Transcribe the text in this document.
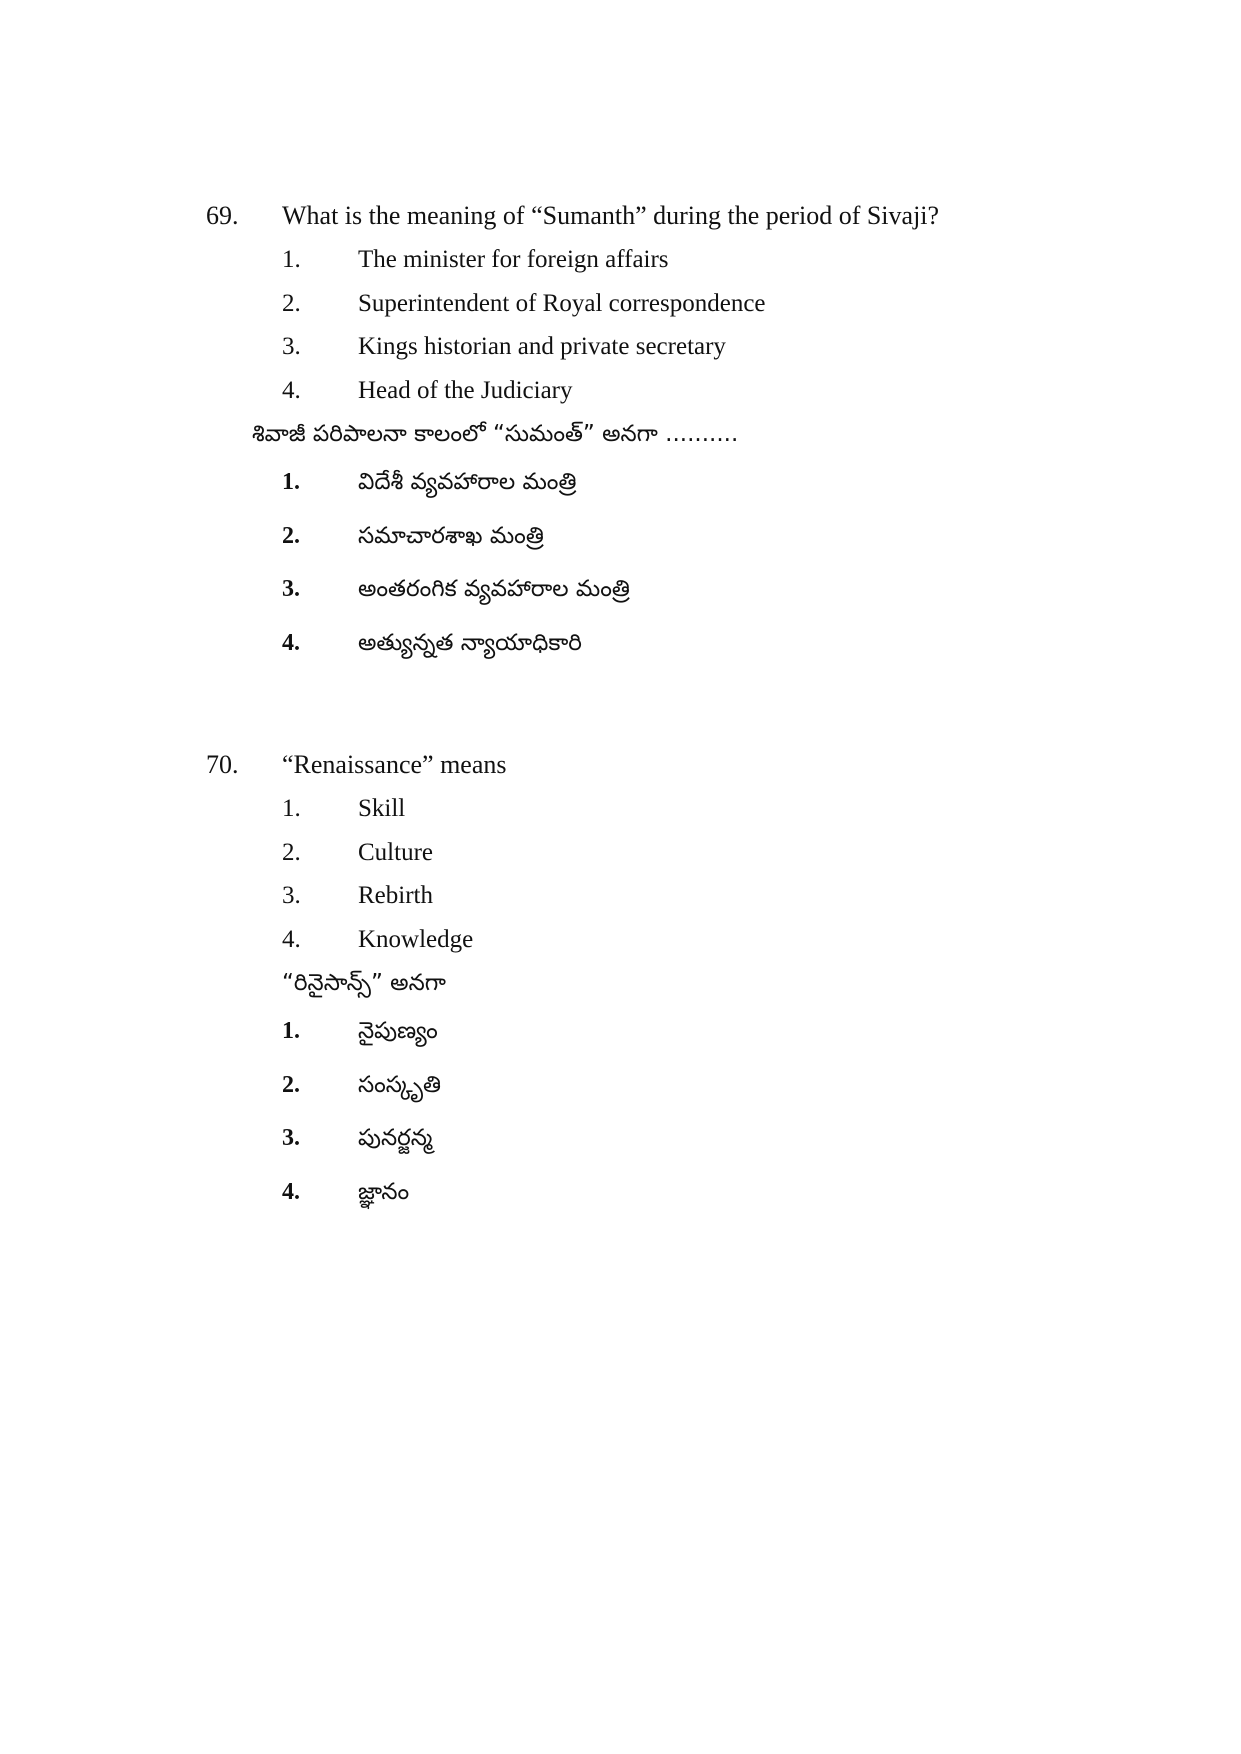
69. What is the meaning of “Sumanth” during the period of Sivaji?
1. The minister for foreign affairs
2. Superintendent of Royal correspondence
3. Kings historian and private secretary
4. Head of the Judiciary
శివాజీ పరిపాలనా కాలంలో “సుమంత్” అనగా ..........
1.	విదేశీ వ్యవహారాల మంత్రి
2.	సమాచారశాఖ మంత్రి
3.	అంతరంగిక వ్యవహారాల మంత్రి
4.	అత్యున్నత న్యాయాధికారి
70. “Renaissance” means
1. Skill
2. Culture
3. Rebirth
4. Knowledge
“రినైసాన్స్” అనగా
1.	నైపుణ్యం
2.	సంస్కృతి
3.	పునర్జన్మ
4.	జ్ఞానం
